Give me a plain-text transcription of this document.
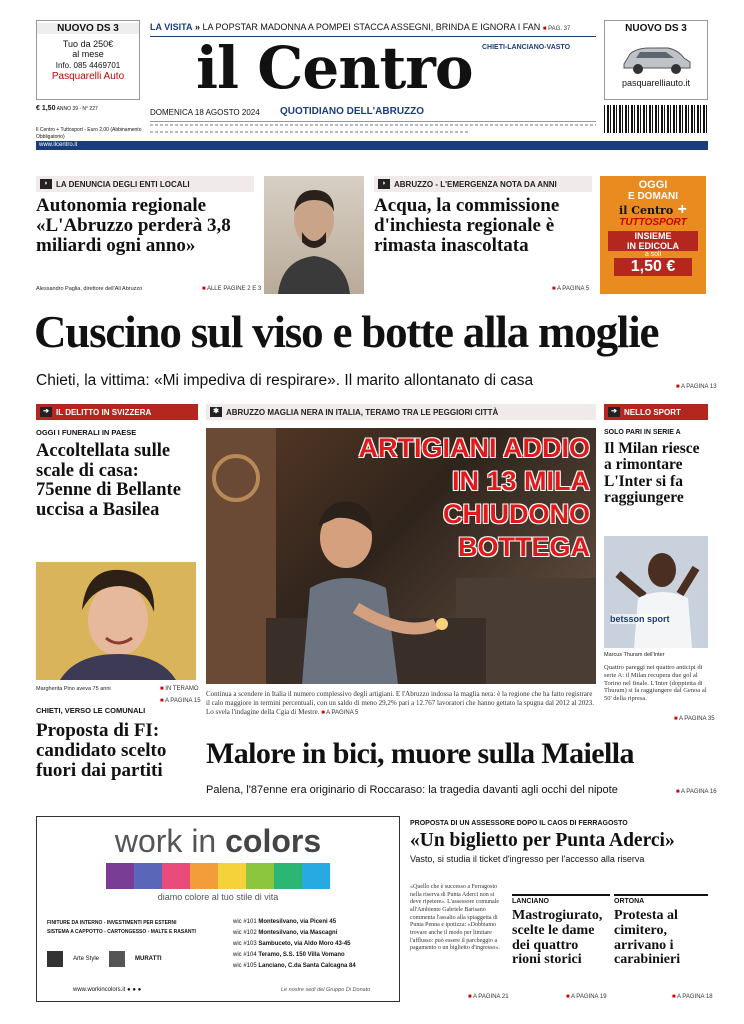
NUOVO DS 3
Tuo da 250€
al mese
Info. 085 4469701
Pasquarelli Auto
€ 1,50 ANNO 39 - N° 227
Il Centro + Tuttosport - Euro 2,00 (Abbinamento Obbligatorio)
LA VISITA » LA POPSTAR MADONNA A POMPEI STACCA ASSEGNI, BRINDA E IGNORA I FAN ■ PAG. 37
il Centro	CHIETI-LANCIANO-VASTO
DOMENICA 18 AGOSTO 2024 QUOTIDIANO DELL'ABRUZZO
NUOVO DS 3
pasquarelliauto.it
www.ilcentro.it
◗ LA DENUNCIA DEGLI ENTI LOCALI
Autonomia regionale «L'Abruzzo perderà 3,8 miliardi ogni anno»
Alessandro Paglia, direttore dell'Ali Abruzzo	■ ALLE PAGINE 2 E 3
◗ ABRUZZO - L'EMERGENZA NOTA DA ANNI
Acqua, la commissione d'inchiesta regionale è rimasta inascoltata
■ A PAGINA 5
OGGI
E DOMANI
il Centro +
TUTTOSPORT
INSIEME
IN EDICOLA
a soli
1,50 €
Cuscino sul viso e botte alla moglie
Chieti, la vittima: «Mi impediva di respirare». Il marito allontanato di casa	■ A PAGINA 13
➔ IL DELITTO IN SVIZZERA
OGGI I FUNERALI IN PAESE
Accoltellata sulle scale di casa: 75enne di Bellante uccisa a Basilea
Margherita Pino aveva 75 anni	■ IN TERAMO
■ A PAGINA 15
CHIETI, VERSO LE COMUNALI
Proposta di FI: candidato scelto fuori dai partiti
✱ ABRUZZO MAGLIA NERA IN ITALIA, TERAMO TRA LE PEGGIORI CITTÀ
ARTIGIANI ADDIO
IN 13 MILA
CHIUDONO
BOTTEGA
Continua a scendere in Italia il numero complessivo degli artigiani. E l'Abruzzo indossa la maglia nera: è la regione che ha fatto registrare il calo maggiore in termini percentuali, con un saldo di meno 29,2% pari a 12.767 lavoratori che hanno gettato la spugna dal 2012 al 2023. Lo svela l'indagine della Cgia di Mestre. ■ A PAGINA 5
Malore in bici, muore sulla Maiella
Palena, l'87enne era originario di Roccaraso: la tragedia davanti agli occhi del nipote	■ A PAGINA 16
➔ NELLO SPORT
SOLO PARI IN SERIE A
Il Milan riesce a rimontare L'Inter si fa raggiungere
betsson sport
Marcus Thuram dell'Inter
Quattro pareggi nei quattro anticipi di serie A: il Milan recupera due gol al Torino nel finale. L'Inter (doppietta di Thuram) si fa raggiungere dal Genoa al 50' della ripresa.
■ A PAGINA 35
work in colors
diamo colore al tuo stile di vita
FINITURE DA INTERNO - INVESTIMENTI PER ESTERNI
SISTEMA A CAPPOTTO - CARTONGESSO - MALTE E RASANTI
Arte Style	MURATTI
wic #101 Montesilvano, via Piceni 45
wic #102 Montesilvano, via Mascagni
wic #103 Sambuceto, via Aldo Moro 43-45
wic #104 Teramo, S.S. 150 Villa Vomano
wic #105 Lanciano, C.da Santa Calcagna 84
www.workincolors.it ● ● ●	Le nostre sedi del Gruppo Di Donato
PROPOSTA DI UN ASSESSORE DOPO IL CAOS DI FERRAGOSTO
«Un biglietto per Punta Aderci»
Vasto, si studia il ticket d'ingresso per l'accesso alla riserva
«Quello che è successo a Ferragosto nella riserva di Punta Aderci non si deve ripetere». L'assessore comunale all'Ambiente Gabriele Barisano commenta l'assalto alla spiaggetta di Punta Penna e ipotizza: «Dobbiamo trovare anche il modo per limitare l'afflusso: può essere il parcheggio a pagamento o un biglietto d'ingresso».
■ A PAGINA 21
LANCIANO
Mastrogiurato, scelte le dame dei quattro rioni storici
■ A PAGINA 19
ORTONA
Protesta al cimitero, arrivano i carabinieri
■ A PAGINA 18
